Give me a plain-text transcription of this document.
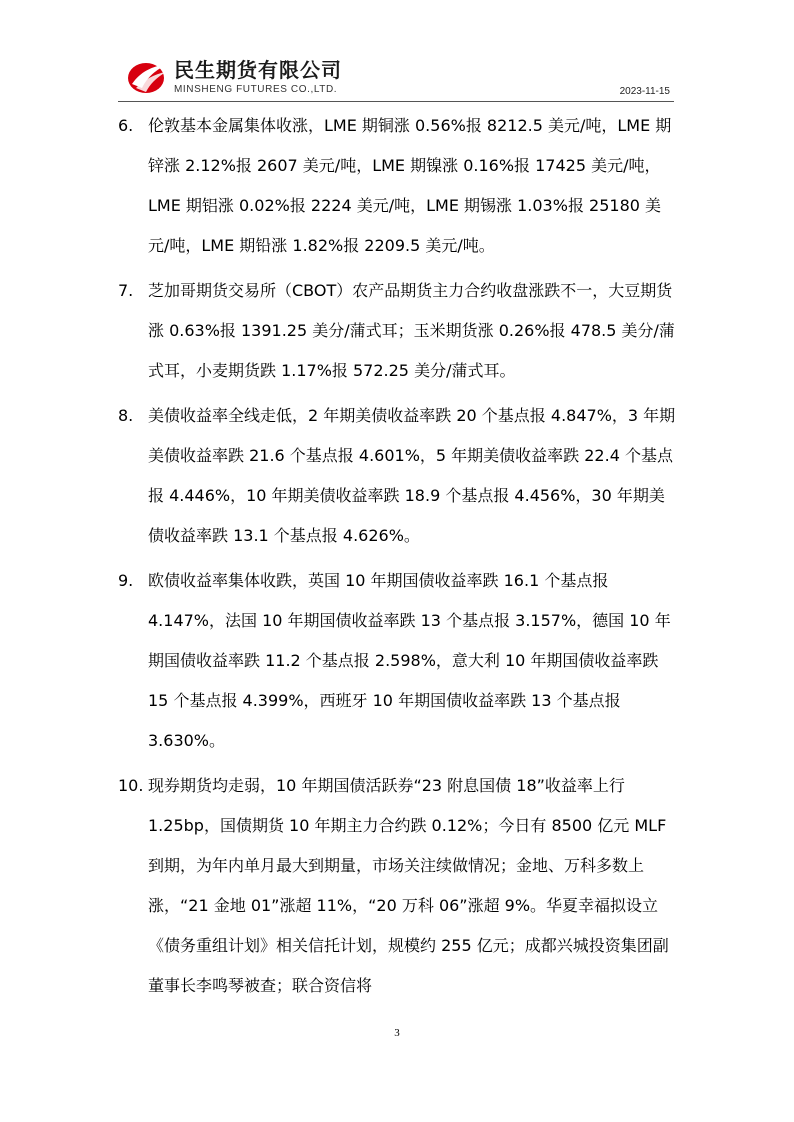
民生期货有限公司
MINSHENG FUTURES CO.,LTD.	2023-11-15
6. 伦敦基本金属集体收涨，LME 期铜涨 0.56%报 8212.5 美元/吨，LME 期锌涨 2.12%报 2607 美元/吨，LME 期镍涨 0.16%报 17425 美元/吨，LME 期铝涨 0.02%报 2224 美元/吨，LME 期锡涨 1.03%报 25180 美元/吨，LME 期铅涨 1.82%报 2209.5 美元/吨。
7. 芝加哥期货交易所（CBOT）农产品期货主力合约收盘涨跌不一，大豆期货涨 0.63%报 1391.25 美分/蒲式耳；玉米期货涨 0.26%报 478.5 美分/蒲式耳，小麦期货跌 1.17%报 572.25 美分/蒲式耳。
8. 美债收益率全线走低，2 年期美债收益率跌 20 个基点报 4.847%，3 年期美债收益率跌 21.6 个基点报 4.601%，5 年期美债收益率跌 22.4 个基点报 4.446%，10 年期美债收益率跌 18.9 个基点报 4.456%，30 年期美债收益率跌 13.1 个基点报 4.626%。
9. 欧债收益率集体收跌，英国 10 年期国债收益率跌 16.1 个基点报 4.147%，法国 10 年期国债收益率跌 13 个基点报 3.157%，德国 10 年期国债收益率跌 11.2 个基点报 2.598%，意大利 10 年期国债收益率跌 15 个基点报 4.399%，西班牙 10 年期国债收益率跌 13 个基点报 3.630%。
10. 现券期货均走弱，10 年期国债活跃券“23 附息国债 18”收益率上行 1.25bp，国债期货 10 年期主力合约跌 0.12%；今日有 8500 亿元 MLF 到期，为年内单月最大到期量，市场关注续做情况；金地、万科多数上涨，“21 金地 01”涨超 11%，“20 万科 06”涨超 9%。华夏幸福拟设立《债务重组计划》相关信托计划，规模约 255 亿元；成都兴城投资集团副董事长李鸣琴被查；联合资信将
3
